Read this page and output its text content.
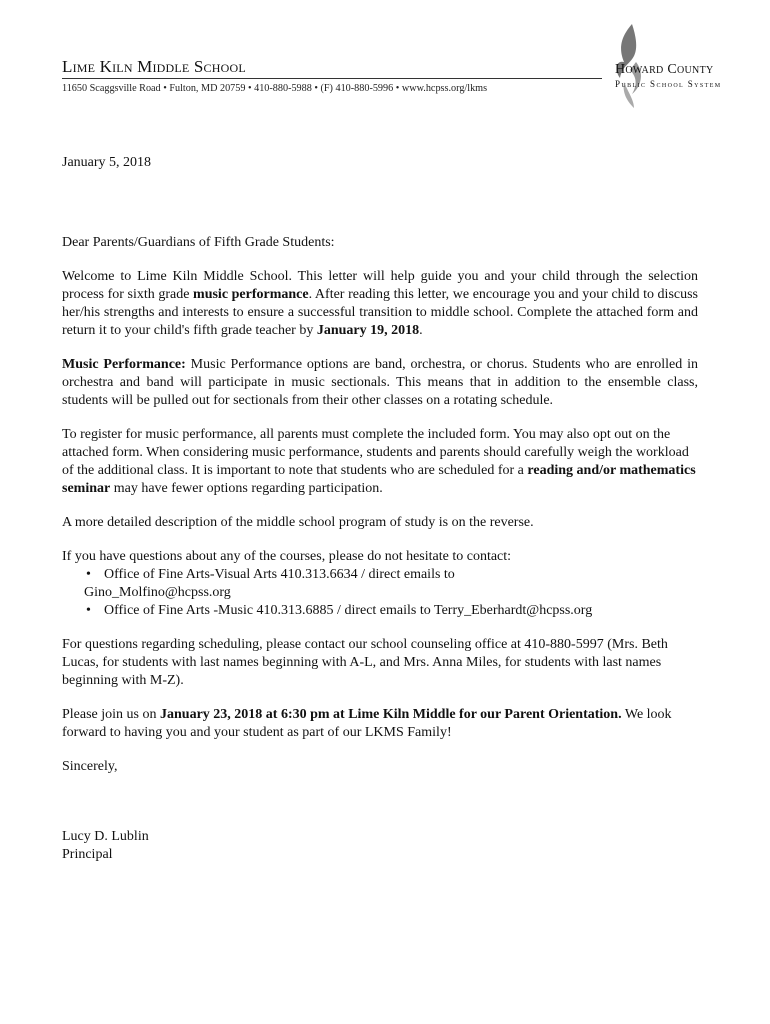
Lime Kiln Middle School
11650 Scaggsville Road • Fulton, MD 20759 • 410-880-5988 • (F) 410-880-5996 • www.hcpss.org/lkms
Howard County
Public School System

January 5, 2018

Dear Parents/Guardians of Fifth Grade Students:

Welcome to Lime Kiln Middle School. This letter will help guide you and your child through the selection process for sixth grade music performance. After reading this letter, we encourage you and your child to discuss her/his strengths and interests to ensure a successful transition to middle school. Complete the attached form and return it to your child's fifth grade teacher by January 19, 2018.

Music Performance: Music Performance options are band, orchestra, or chorus. Students who are enrolled in orchestra and band will participate in music sectionals. This means that in addition to the ensemble class, students will be pulled out for sectionals from their other classes on a rotating schedule.

To register for music performance, all parents must complete the included form. You may also opt out on the attached form. When considering music performance, students and parents should carefully weigh the workload of the additional class. It is important to note that students who are scheduled for a reading and/or mathematics seminar may have fewer options regarding participation.

A more detailed description of the middle school program of study is on the reverse.

If you have questions about any of the courses, please do not hesitate to contact:

• Office of Fine Arts-Visual Arts 410.313.6634 / direct emails to
Gino_Molfino@hcpss.org
• Office of Fine Arts -Music 410.313.6885 / direct emails to Terry_Eberhardt@hcpss.org

For questions regarding scheduling, please contact our school counseling office at 410-880-5997 (Mrs. Beth Lucas, for students with last names beginning with A-L, and Mrs. Anna Miles, for students with last names beginning with M-Z).

Please join us on January 23, 2018 at 6:30 pm at Lime Kiln Middle for our Parent Orientation. We look forward to having you and your student as part of our LKMS Family!

Sincerely,

Lucy D. Lublin

Principal
